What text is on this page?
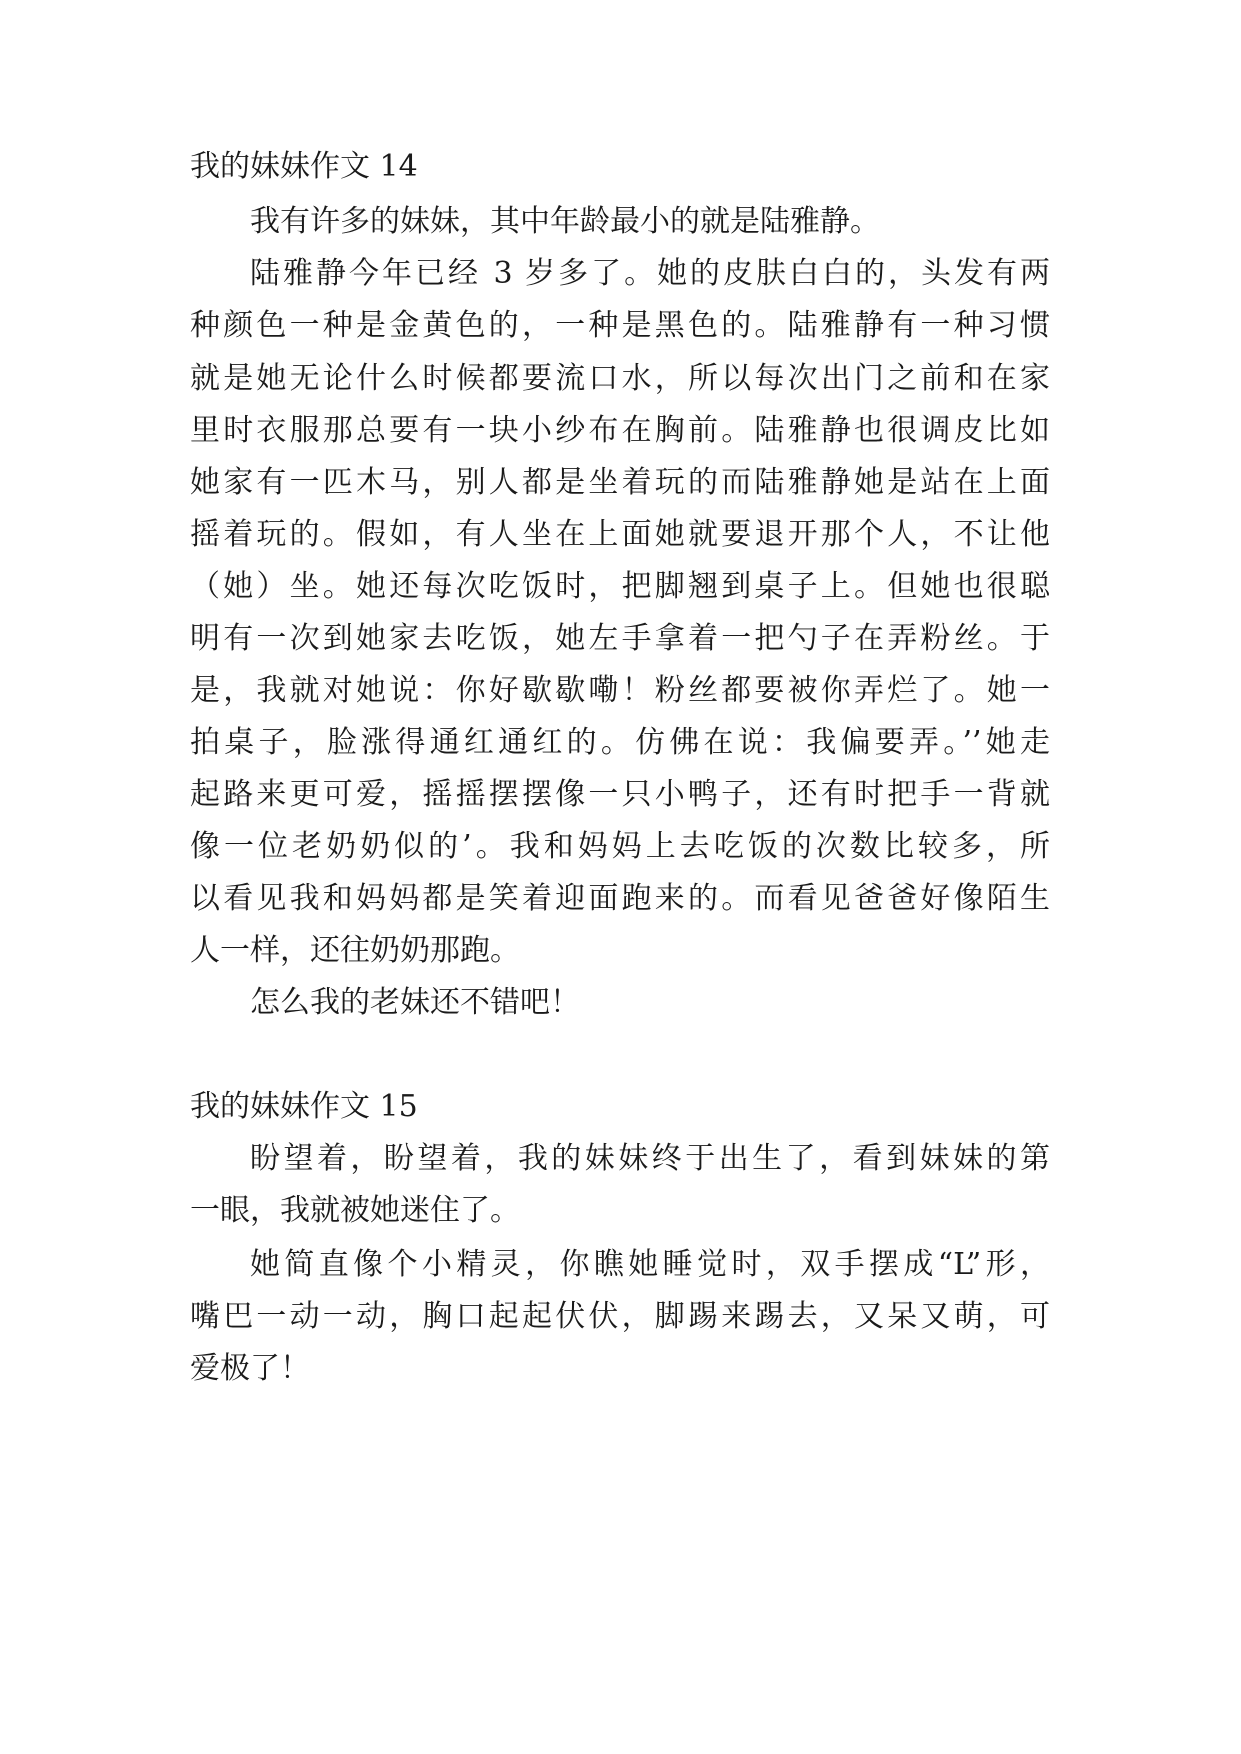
我的妹妹作文 14
我有许多的妹妹，其中年龄最小的就是陆雅静。
陆雅静今年已经 3 岁多了。她的皮肤白白的，头发有两
种颜色一种是金黄色的，一种是黑色的。陆雅静有一种习惯
就是她无论什么时候都要流口水，所以每次出门之前和在家
里时衣服那总要有一块小纱布在胸前。陆雅静也很调皮比如
她家有一匹木马，别人都是坐着玩的而陆雅静她是站在上面
摇着玩的。假如，有人坐在上面她就要退开那个人，不让他
（她）坐。她还每次吃饭时，把脚翘到桌子上。但她也很聪
明有一次到她家去吃饭，她左手拿着一把勺子在弄粉丝。于
是，我就对她说：你好歇歇嘞！粉丝都要被你弄烂了。她一
拍桌子，脸涨得通红通红的。仿佛在说：我偏要弄。’’她走
起路来更可爱，摇摇摆摆像一只小鸭子，还有时把手一背就
像一位老奶奶似的’。我和妈妈上去吃饭的次数比较多，所
以看见我和妈妈都是笑着迎面跑来的。而看见爸爸好像陌生
人一样，还往奶奶那跑。
怎么我的老妹还不错吧！
我的妹妹作文 15
盼望着，盼望着，我的妹妹终于出生了，看到妹妹的第
一眼，我就被她迷住了。
她简直像个小精灵，你瞧她睡觉时，双手摆成“L”形，
嘴巴一动一动，胸口起起伏伏，脚踢来踢去，又呆又萌，可
爱极了！
